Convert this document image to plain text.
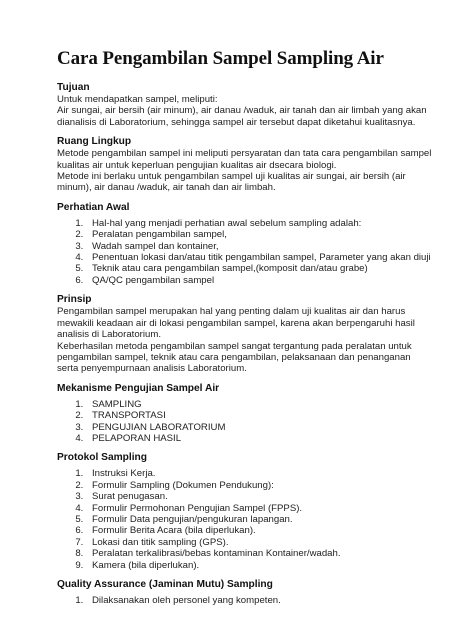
Cara Pengambilan Sampel Sampling Air
Tujuan

Untuk mendapatkan sampel, meliputi:

Air sungai, air bersih (air minum), air danau /waduk, air tanah dan air limbah yang akan

dianalisis di Laboratorium, sehingga sampel air tersebut dapat diketahui kualitasnya.

Ruang Lingkup

Metode pengambilan sampel ini meliputi persyaratan dan tata cara pengambilan sampel

kualitas air untuk keperluan pengujian kualitas air dsecara biologi.

Metode ini berlaku untuk pengambilan sampel uji kualitas air sungai, air bersih (air

minum), air danau /waduk, air tanah dan air limbah.

Perhatian Awal
1. Hal-hal yang menjadi perhatian awal sebelum sampling adalah:
2. Peralatan pengambilan sampel,
3. Wadah sampel dan kontainer,
4. Penentuan lokasi dan/atau titik pengambilan sampel, Parameter yang akan diuji
5. Teknik atau cara pengambilan sampel,(komposit dan/atau grabe)
6. QA/QC pengambilan sampel
Prinsip

Pengambilan sampel merupakan hal yang penting dalam uji kualitas air dan harus

mewakili keadaan air di lokasi pengambilan sampel, karena akan berpengaruhi hasil

analisis di Laboratorium.

Keberhasilan metoda pengambilan sampel sangat tergantung pada peralatan untuk

pengambilan sampel, teknik atau cara pengambilan, pelaksanaan dan penanganan

serta penyempurnaan analisis Laboratorium.

Mekanisme Pengujian Sampel Air
1. SAMPLING
2. TRANSPORTASI
3. PENGUJIAN LABORATORIUM
4. PELAPORAN HASIL
Protokol Sampling
1. Instruksi Kerja.
2. Formulir Sampling (Dokumen Pendukung):
3. Surat penugasan.
4. Formulir Permohonan Pengujian Sampel (FPPS).
5. Formulir Data pengujian/pengukuran lapangan.
6. Formulir Berita Acara (bila diperlukan).
7. Lokasi dan titik sampling (GPS).
8. Peralatan terkalibrasi/bebas kontaminan Kontainer/wadah.
9. Kamera (bila diperlukan).
Quality Assurance (Jaminan Mutu) Sampling
1. Dilaksanakan oleh personel yang kompeten.
